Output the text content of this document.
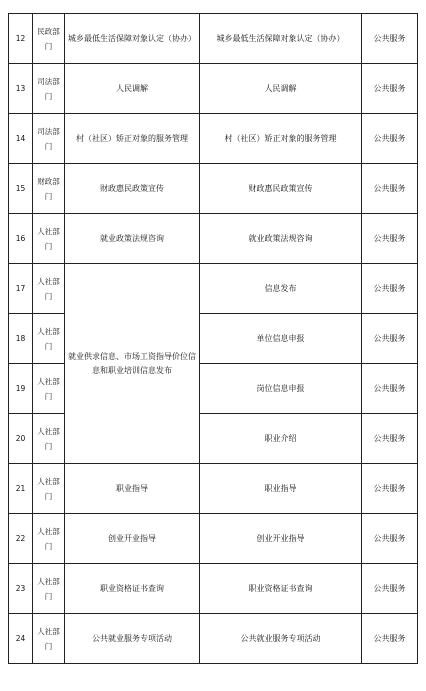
12	民政部门	城乡最低生活保障对象认定（协办）	城乡最低生活保障对象认定（协办）	公共服务
13	司法部门	人民调解	人民调解	公共服务
14	司法部门	村（社区）矫正对象的服务管理	村（社区）矫正对象的服务管理	公共服务
15	财政部门	财政惠民政策宣传	财政惠民政策宣传	公共服务
16	人社部门	就业政策法规咨询	就业政策法规咨询	公共服务
17	人社部门	就业供求信息、市场工资指导价位信息和职业培训信息发布	信息发布	公共服务
18	人社部门		单位信息申报	公共服务
19	人社部门		岗位信息申报	公共服务
20	人社部门		职业介绍	公共服务
21	人社部门	职业指导	职业指导	公共服务
22	人社部门	创业开业指导	创业开业指导	公共服务
23	人社部门	职业资格证书查询	职业资格证书查询	公共服务
24	人社部门	公共就业服务专项活动	公共就业服务专项活动	公共服务
